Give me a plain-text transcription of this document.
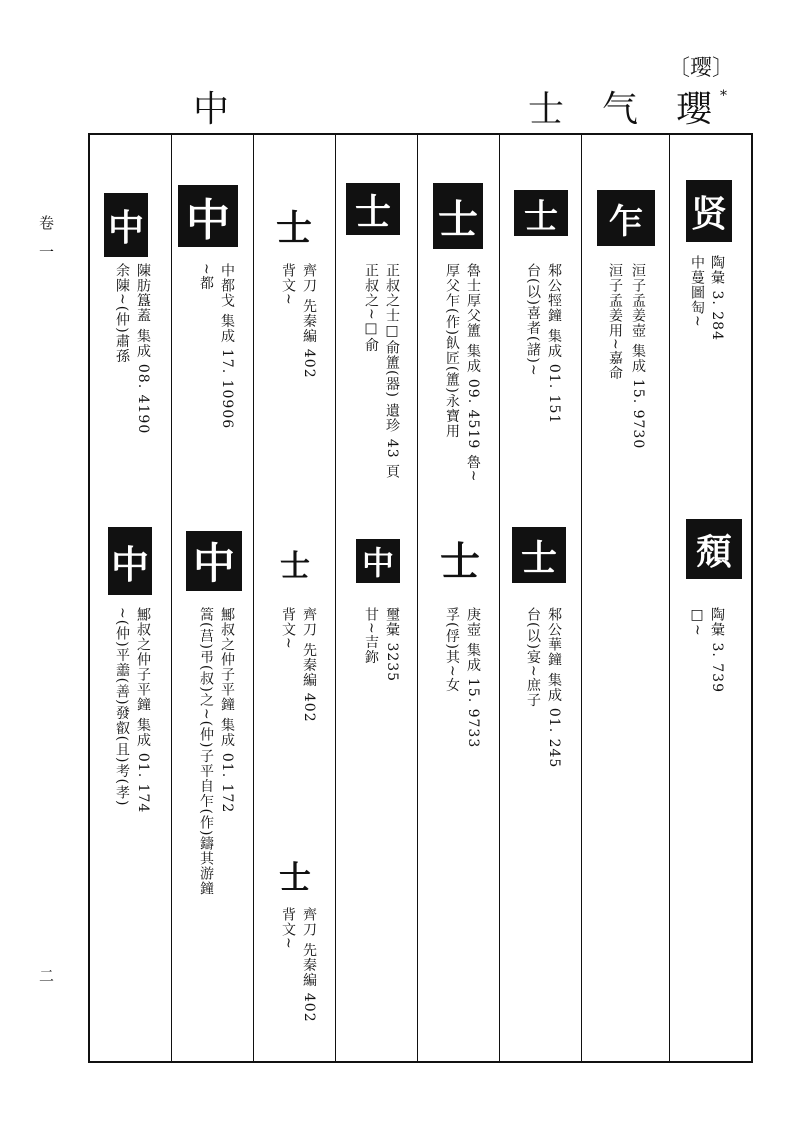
〔璎〕
中	士 气 瓔 *
卷一
二
贤
陶彙 3. 284
中蔓圖匋~
頹
陶彙 3. 739
□~
乍
洹子孟姜壺 集成 15. 9730
洹子孟姜用~嘉命
士
邾公牼鐘 集成 01. 151
台(以)喜者(諸)~
士
邾公華鐘 集成 01. 245
台(以)宴~庶子
士
魯士厚父簠 集成 09. 4519 魯~
厚父乍(作)飤匠(簠)永寶用
士
庚壺 集成 15. 9733
孚(俘)其~女
士
正叔之士□俞簠(器) 遺珍 43 頁
正叔之~□俞
中
璽彙 3235
甘~吉鉨
士
齊刀 先秦編 402
背文~
士
齊刀 先秦編 402
背文~
士
齊刀 先秦編 402
背文~
中
中都戈 集成 17. 10906
~都
中
鄦叔之仲子平鐘 集成 01. 172
篙(莒)弔(叔)之~(仲)子平自乍(作)鑄其游鐘
中
陳肪簋蓋 集成 08. 4190
余陳~(仲)肅孫
中
鄦叔之仲子平鐘 集成 01. 174
~(仲)平譱(善)發叡(且)考(孝)
